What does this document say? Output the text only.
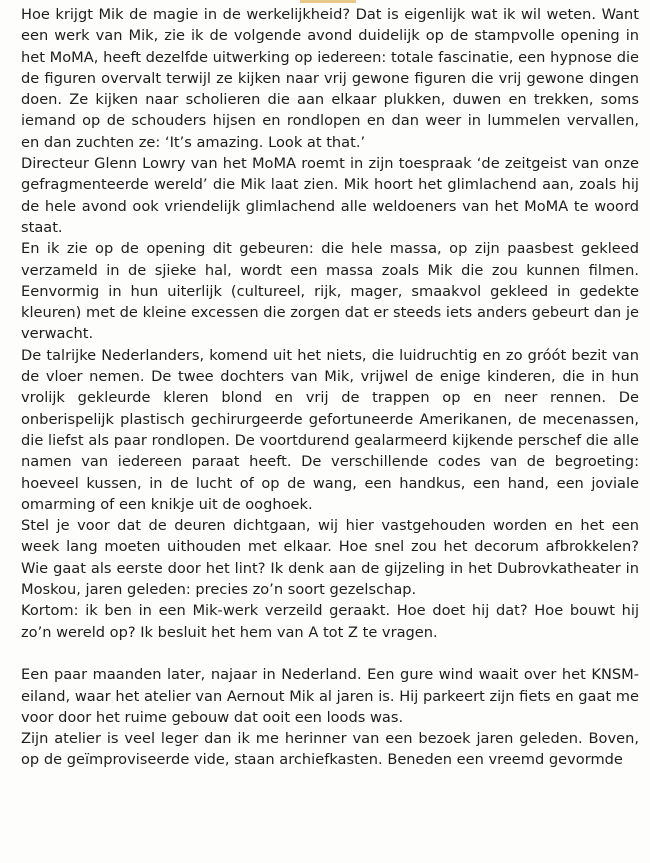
Hoe krijgt Mik de magie in de werkelijkheid? Dat is eigenlijk wat ik wil weten. Want een werk van Mik, zie ik de volgende avond duidelijk op de stampvolle opening in het MoMA, heeft dezelfde uitwerking op iedereen: totale fascinatie, een hypnose die de figuren overvalt terwijl ze kijken naar vrij gewone figuren die vrij gewone dingen doen. Ze kijken naar scholieren die aan elkaar plukken, duwen en trekken, soms iemand op de schouders hijsen en rondlopen en dan weer in lummelen vervallen, en dan zuchten ze: ‘It’s amazing. Look at that.’

Directeur Glenn Lowry van het MoMA roemt in zijn toespraak ‘de zeitgeist van onze gefragmenteerde wereld’ die Mik laat zien. Mik hoort het glimlachend aan, zoals hij de hele avond ook vriendelijk glimlachend alle weldoeners van het MoMA te woord staat.

En ik zie op de opening dit gebeuren: die hele massa, op zijn paasbest gekleed verzameld in de sjieke hal, wordt een massa zoals Mik die zou kunnen filmen. Eenvormig in hun uiterlijk (cultureel, rijk, mager, smaakvol gekleed in gedekte kleuren) met de kleine excessen die zorgen dat er steeds iets anders gebeurt dan je verwacht.

De talrijke Nederlanders, komend uit het niets, die luidruchtig en zo gróót bezit van de vloer nemen. De twee dochters van Mik, vrijwel de enige kinderen, die in hun vrolijk gekleurde kleren blond en vrij de trappen op en neer rennen. De onberispelijk plastisch gechirurgeerde gefortuneerde Amerikanen, de mecenassen, die liefst als paar rondlopen. De voortdurend gealarmeerd kijkende perschef die alle namen van iedereen paraat heeft. De verschillende codes van de begroeting: hoeveel kussen, in de lucht of op de wang, een handkus, een hand, een joviale omarming of een knikje uit de ooghoek.

Stel je voor dat de deuren dichtgaan, wij hier vastgehouden worden en het een week lang moeten uithouden met elkaar. Hoe snel zou het decorum afbrokkelen? Wie gaat als eerste door het lint? Ik denk aan de gijzeling in het Dubrovkatheater in Moskou, jaren geleden: precies zo’n soort gezelschap.

Kortom: ik ben in een Mik-werk verzeild geraakt. Hoe doet hij dat? Hoe bouwt hij zo’n wereld op? Ik besluit het hem van A tot Z te vragen.

Een paar maanden later, najaar in Nederland. Een gure wind waait over het KNSM-eiland, waar het atelier van Aernout Mik al jaren is. Hij parkeert zijn fiets en gaat me voor door het ruime gebouw dat ooit een loods was.

Zijn atelier is veel leger dan ik me herinner van een bezoek jaren geleden. Boven, op de geïmproviseerde vide, staan archiefkasten. Beneden een vreemd gevormde
